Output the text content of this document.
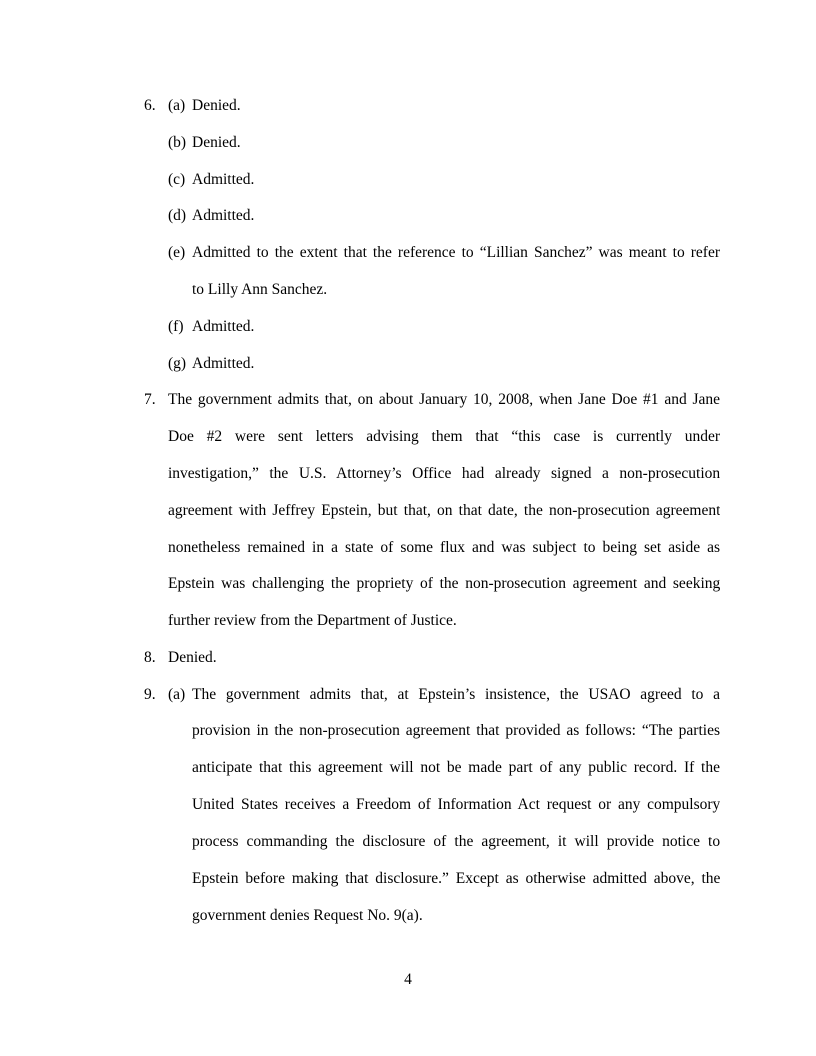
6. (a) Denied.
(b) Denied.
(c) Admitted.
(d) Admitted.
(e) Admitted to the extent that the reference to “Lillian Sanchez” was meant to refer
to Lilly Ann Sanchez.
(f) Admitted.
(g) Admitted.
7. The government admits that, on about January 10, 2008, when Jane Doe #1 and Jane
Doe #2 were sent letters advising them that “this case is currently under
investigation,” the U.S. Attorney’s Office had already signed a non-prosecution
agreement with Jeffrey Epstein, but that, on that date, the non-prosecution agreement
nonetheless remained in a state of some flux and was subject to being set aside as
Epstein was challenging the propriety of the non-prosecution agreement and seeking
further review from the Department of Justice.
8. Denied.
9. (a) The government admits that, at Epstein’s insistence, the USAO agreed to a
provision in the non-prosecution agreement that provided as follows: “The parties
anticipate that this agreement will not be made part of any public record. If the
United States receives a Freedom of Information Act request or any compulsory
process commanding the disclosure of the agreement, it will provide notice to
Epstein before making that disclosure.” Except as otherwise admitted above, the
government denies Request No. 9(a).
4
